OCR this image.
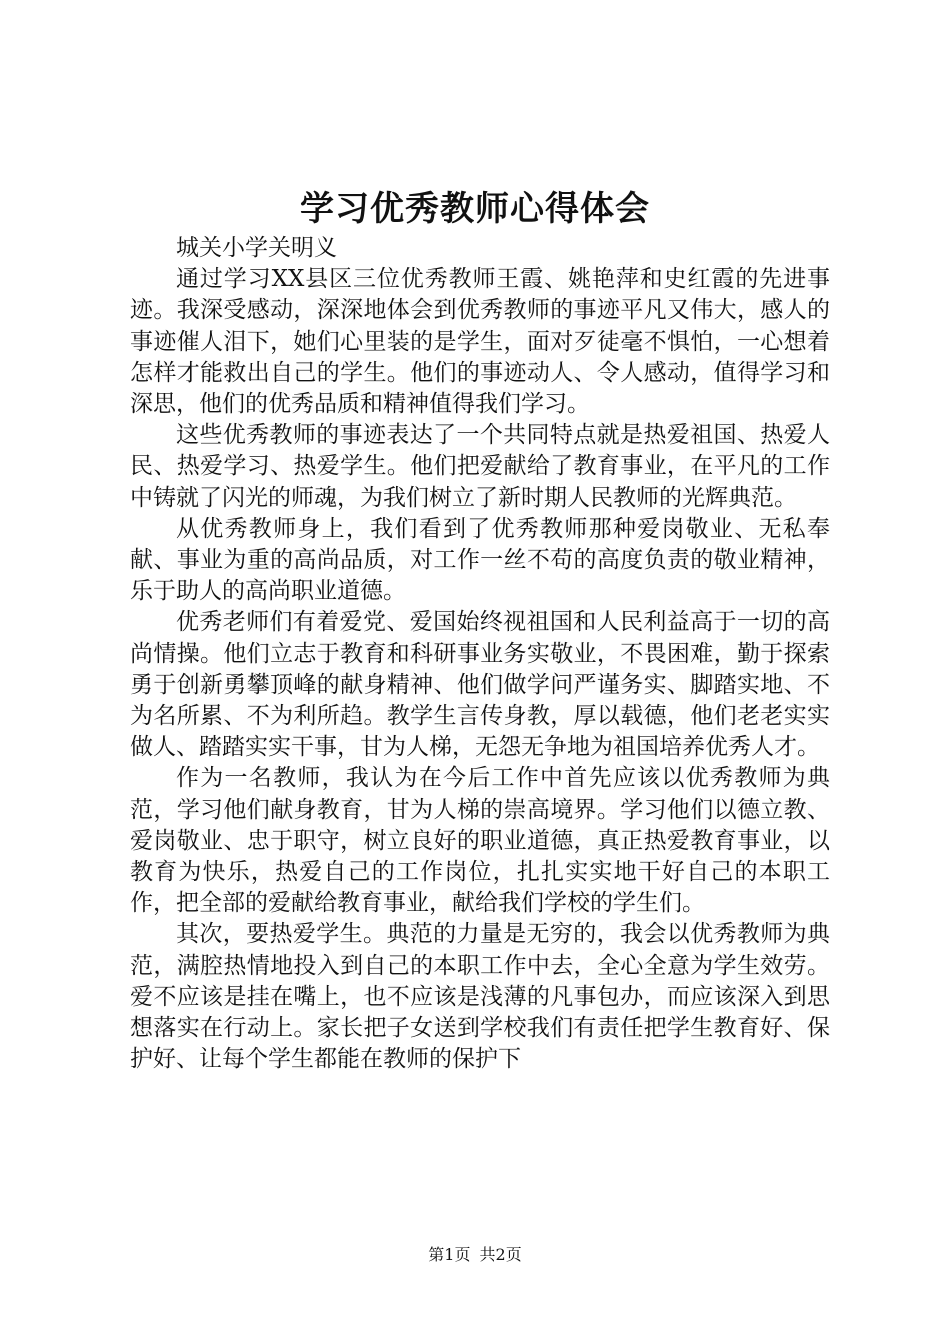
学习优秀教师心得体会

城关小学关明义

通过学习XX县区三位优秀教师王霞、姚艳萍和史红霞的先进事迹。我深受感动，深深地体会到优秀教师的事迹平凡又伟大，感人的事迹催人泪下，她们心里装的是学生，面对歹徒毫不惧怕，一心想着怎样才能救出自己的学生。他们的事迹动人、令人感动，值得学习和深思，他们的优秀品质和精神值得我们学习。

这些优秀教师的事迹表达了一个共同特点就是热爱祖国、热爱人民、热爱学习、热爱学生。他们把爱献给了教育事业，在平凡的工作中铸就了闪光的师魂，为我们树立了新时期人民教师的光辉典范。

从优秀教师身上，我们看到了优秀教师那种爱岗敬业、无私奉献、事业为重的高尚品质，对工作一丝不苟的高度负责的敬业精神，乐于助人的高尚职业道德。

优秀老师们有着爱党、爱国始终视祖国和人民利益高于一切的高尚情操。他们立志于教育和科研事业务实敬业，不畏困难，勤于探索勇于创新勇攀顶峰的献身精神、他们做学问严谨务实、脚踏实地、不为名所累、不为利所趋。教学生言传身教，厚以载德，他们老老实实做人、踏踏实实干事，甘为人梯，无怨无争地为祖国培养优秀人才。

作为一名教师，我认为在今后工作中首先应该以优秀教师为典范，学习他们献身教育，甘为人梯的崇高境界。学习他们以德立教、爱岗敬业、忠于职守，树立良好的职业道德，真正热爱教育事业，以教育为快乐，热爱自己的工作岗位，扎扎实实地干好自己的本职工作，把全部的爱献给教育事业，献给我们学校的学生们。

其次，要热爱学生。典范的力量是无穷的，我会以优秀教师为典范，满腔热情地投入到自己的本职工作中去，全心全意为学生效劳。爱不应该是挂在嘴上，也不应该是浅薄的凡事包办，而应该深入到思想落实在行动上。家长把子女送到学校我们有责任把学生教育好、保护好、让每个学生都能在教师的保护下

第1页 共2页
